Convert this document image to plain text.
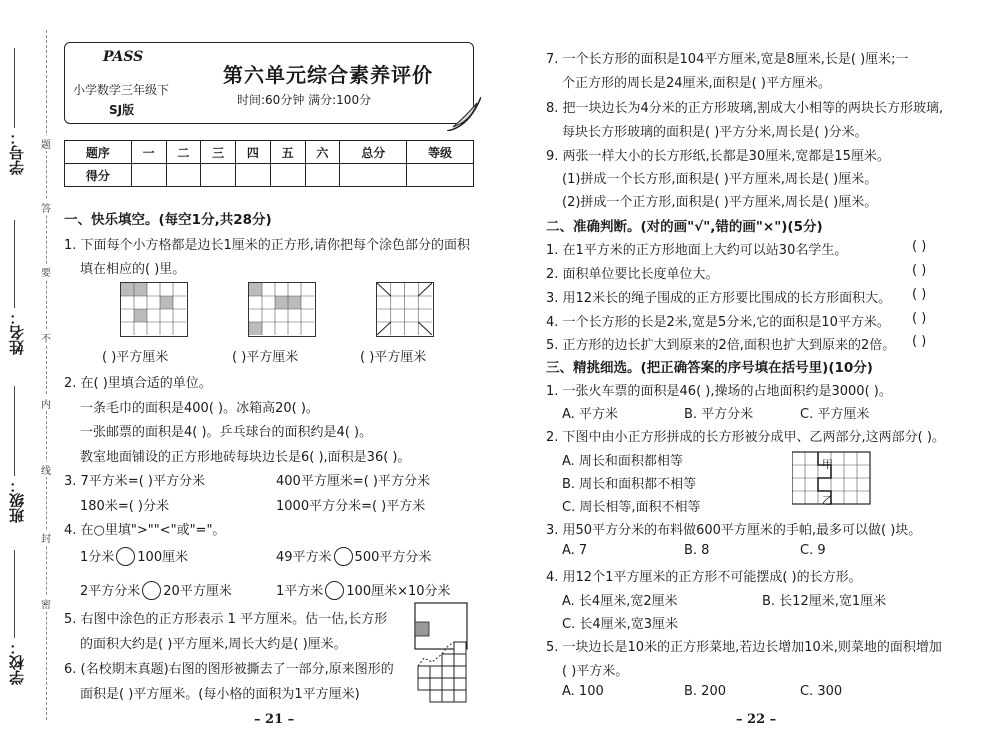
学号：
姓名：
班级：
学校：
题
答
要
不
内
线
封
密
PASS
小学数学三年级下
SJ版
第六单元综合素养评价
时间:60分钟 满分:100分
题序	一	二	三	四	五	六	总分	等级
得分								
一、快乐填空。(每空1分,共28分)
1. 下面每个小方格都是边长1厘米的正方形,请你把每个涂色部分的面积
填在相应的( )里。
( )平方厘米	( )平方厘米	( )平方厘米
2. 在( )里填合适的单位。
一条毛巾的面积是400( )。冰箱高20( )。
一张邮票的面积是4( )。乒乓球台的面积约是4( )。
教室地面铺设的正方形地砖每块边长是6( ),面积是36( )。
3. 7平方米=( )平方分米	400平方厘米=( )平方分米
180米=( )分米	1000平方分米=( )平方米
4. 在○里填">""<"或"="。
1分米 100厘米	49平方米 500平方分米
2平方分米 20平方厘米	1平方米 100厘米×10分米
5. 右图中涂色的正方形表示 1 平方厘米。估一估,长方形
的面积大约是( )平方厘米,周长大约是( )厘米。
6. (名校期末真题)右图的图形被撕去了一部分,原来图形的
面积是( )平方厘米。(每小格的面积为1平方厘米)
– 21 –
7. 一个长方形的面积是104平方厘米,宽是8厘米,长是( )厘米;一
个正方形的周长是24厘米,面积是( )平方厘米。
8. 把一块边长为4分米的正方形玻璃,割成大小相等的两块长方形玻璃,
每块长方形玻璃的面积是( )平方分米,周长是( )分米。
9. 两张一样大小的长方形纸,长都是30厘米,宽都是15厘米。
(1)拼成一个长方形,面积是( )平方厘米,周长是( )厘米。
(2)拼成一个正方形,面积是( )平方厘米,周长是( )厘米。
二、准确判断。(对的画"√",错的画"×")(5分)
1. 在1平方米的正方形地面上大约可以站30名学生。	( )
2. 面积单位要比长度单位大。	( )
3. 用12米长的绳子围成的正方形要比围成的长方形面积大。 ( )
4. 一个长方形的长是2米,宽是5分米,它的面积是10平方米。 ( )
5. 正方形的边长扩大到原来的2倍,面积也扩大到原来的2倍。 ( )
三、精挑细选。(把正确答案的序号填在括号里)(10分)
1. 一张火车票的面积是46( ),操场的占地面积约是3000( )。
A. 平方米	B. 平方分米	C. 平方厘米
2. 下图中由小正方形拼成的长方形被分成甲、乙两部分,这两部分( )。
A. 周长和面积都相等
B. 周长和面积都不相等
C. 周长相等,面积不相等
甲
乙
3. 用50平方分米的布料做600平方厘米的手帕,最多可以做( )块。
A. 7	B. 8	C. 9
4. 用12个1平方厘米的正方形不可能摆成( )的长方形。
A. 长4厘米,宽2厘米	B. 长12厘米,宽1厘米
C. 长4厘米,宽3厘米
5. 一块边长是10米的正方形菜地,若边长增加10米,则菜地的面积增加
( )平方米。
A. 100	B. 200	C. 300
– 22 –
